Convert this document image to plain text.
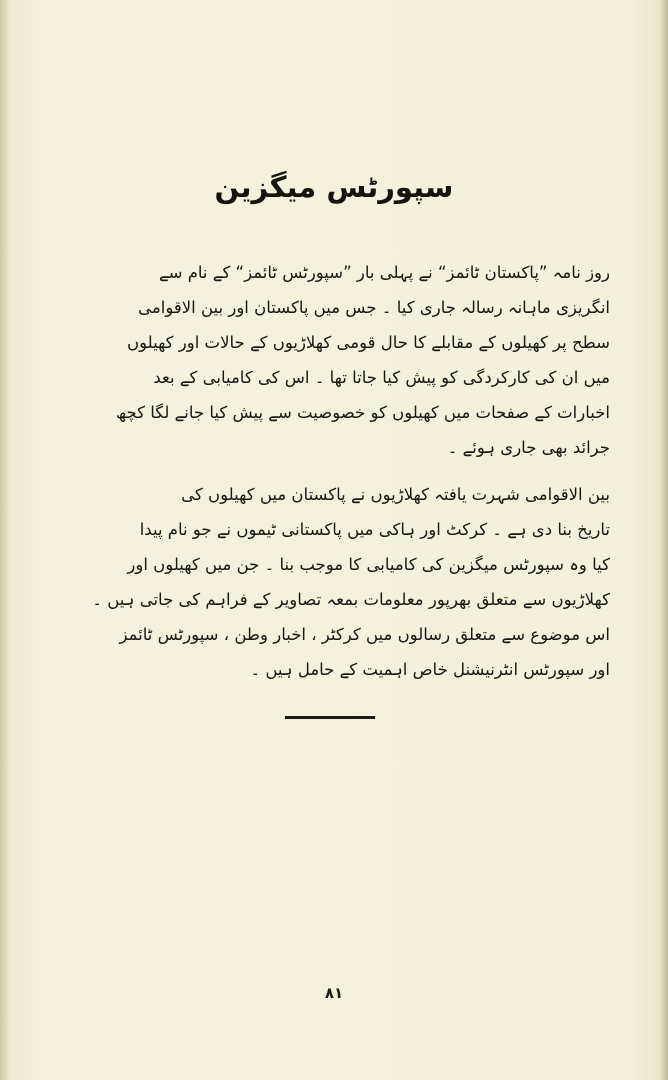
سپورٹس میگزین
روز نامہ ”پاکستان ٹائمز“ نے پہلی بار ”سپورٹس ٹائمز“ کے نام سے
انگریزی ماہانہ رسالہ جاری کیا ۔ جس میں پاکستان اور بین الاقوامی
سطح پر کھیلوں کے مقابلے کا حال قومی کھلاڑیوں کے حالات اور کھیلوں
میں ان کی کارکردگی کو پیش کیا جاتا تھا ۔ اس کی کامیابی کے بعد
اخبارات کے صفحات میں کھیلوں کو خصوصیت سے پیش کیا جانے لگا کچھ
جرائد بھی جاری ہوئے ۔
بین الاقوامی شہرت یافتہ کھلاڑیوں نے پاکستان میں کھیلوں کی
تاریخ بنا دی ہے ۔ کرکٹ اور ہاکی میں پاکستانی ٹیموں نے جو نام پیدا
کیا وہ سپورٹس میگزین کی کامیابی کا موجب بنا ۔ جن میں کھیلوں اور
کھلاڑیوں سے متعلق بھرپور معلومات بمعہ تصاویر کے فراہم کی جاتی ہیں ۔
اس موضوع سے متعلق رسالوں میں کرکٹر ، اخبار وطن ، سپورٹس ٹائمز
اور سپورٹس انٹرنیشنل خاص اہمیت کے حامل ہیں ۔
۸۱
